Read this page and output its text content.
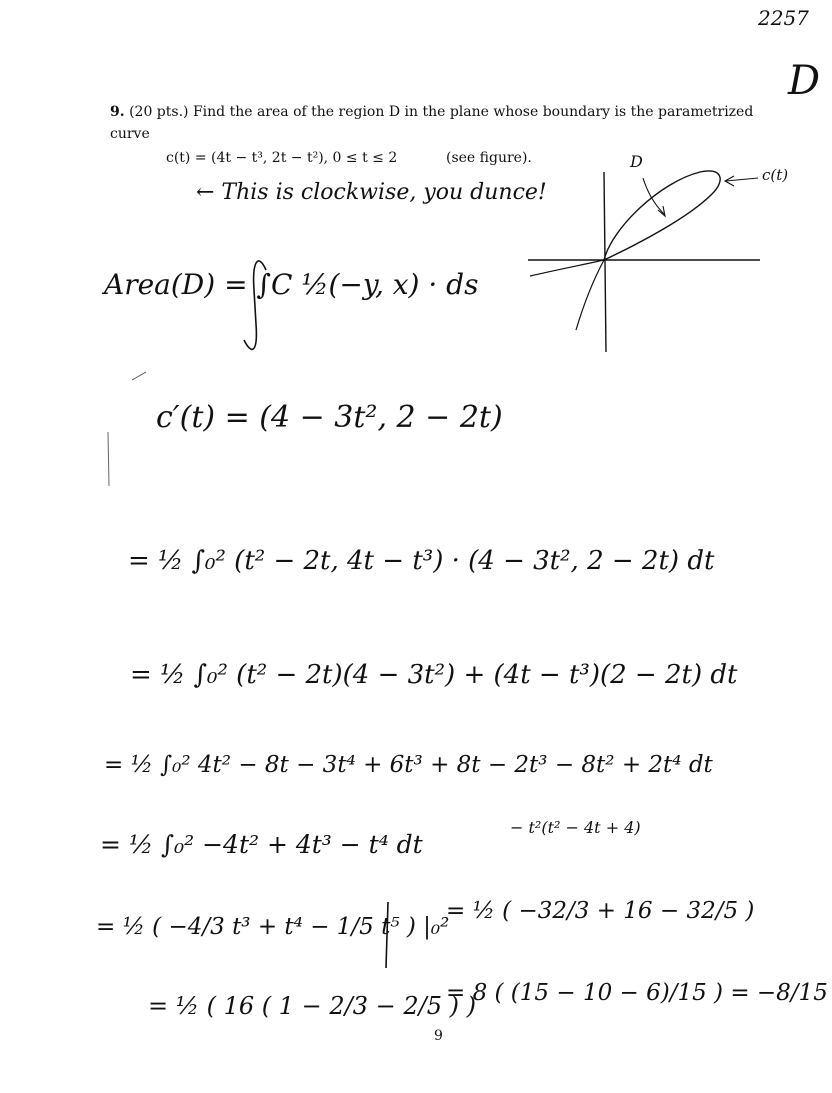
2257
D
9. (20 pts.) Find the area of the region D in the plane whose boundary is the parametrized
curve
c(t) = (4t − t³, 2t − t²), 0 ≤ t ≤ 2	(see figure).	D
c(t)
← This is clockwise, you dunce!
Area(D) = ∫C ½(−y, x) · ds
c′(t) = (4 − 3t², 2 − 2t)
= ½ ∫₀² (t² − 2t, 4t − t³) · (4 − 3t², 2 − 2t) dt
= ½ ∫₀² (t² − 2t)(4 − 3t²) + (4t − t³)(2 − 2t) dt
= ½ ∫₀² 4t² − 8t − 3t⁴ + 6t³ + 8t − 2t³ − 8t² + 2t⁴ dt
= ½ ∫₀² −4t² + 4t³ − t⁴ dt
− t²(t² − 4t + 4)
= ½ ( −4/3 t³ + t⁴ − 1/5 t⁵ ) |₀²
= ½ ( −32/3 + 16 − 32/5 )
= ½ ( 16 ( 1 − 2/3 − 2/5 ) )
= 8 ( (15 − 10 − 6)/15 ) = −8/15
9
